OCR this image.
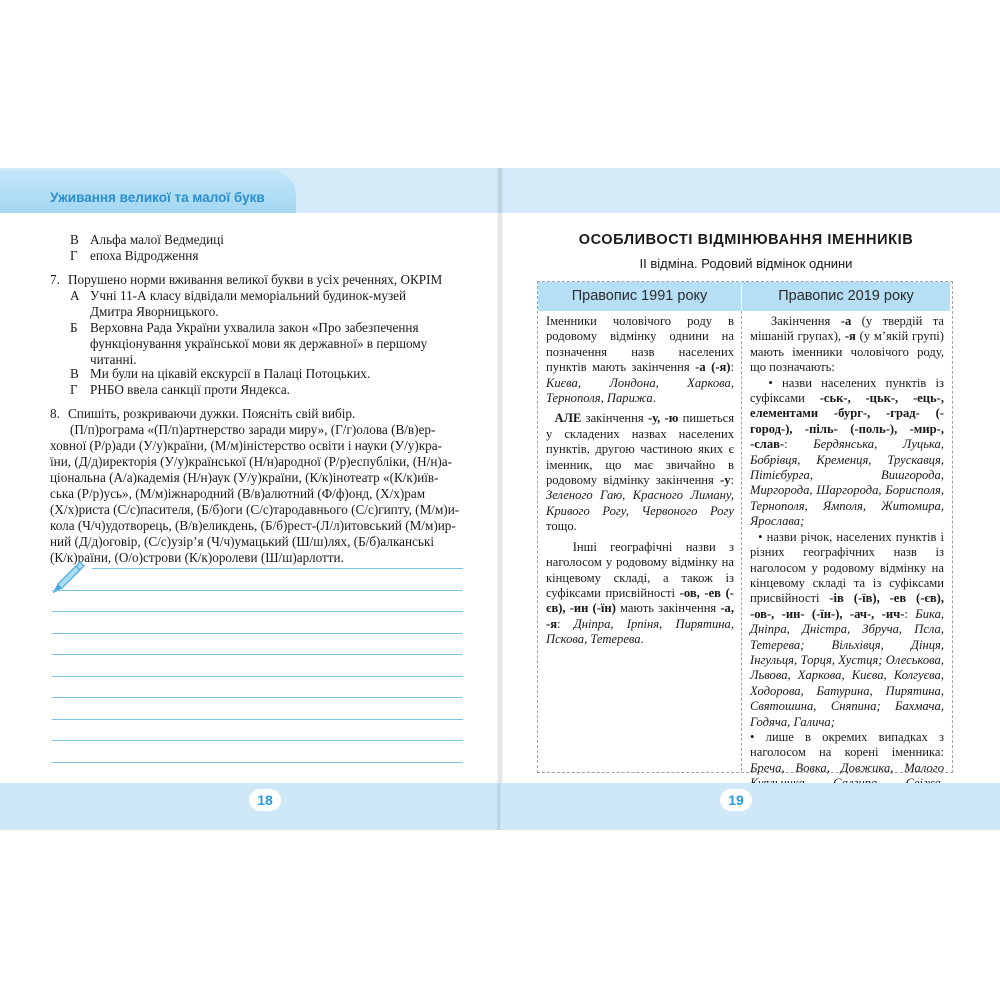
Уживання великої та малої букв
В Альфа малої Ведмедиці
Г епоха Відродження
7. Порушено норми вживання великої букви в усіх реченнях, ОКРІМ
А Учні 11-А класу відвідали меморіальний будинок-музей
Дмитра Яворницького.
Б Верховна Рада України ухвалила закон «Про забезпечення
функціонування української мови як державної» в першому
читанні.
В Ми були на цікавій екскурсії в Палаці Потоцьких.
Г РНБО ввела санкції проти Яндекса.
8. Спишіть, розкриваючи дужки. Поясніть свій вибір.
(П/п)рограма «(П/п)артнерство заради миру», (Г/г)олова (В/в)ер-
ховної (Р/р)ади (У/у)країни, (М/м)іністерство освіти і науки (У/у)кра-
їни, (Д/д)иректорія (У/у)країнської (Н/н)ародної (Р/р)еспубліки, (Н/н)а-
ціональна (А/а)кадемія (Н/н)аук (У/у)країни, (К/к)інотеатр «(К/к)иїв-
ська (Р/р)усь», (М/м)іжнародний (В/в)алютний (Ф/ф)онд, (Х/х)рам
(Х/х)риста (С/с)пасителя, (Б/б)оги (С/с)тародавнього (С/с)гипту, (М/м)и-
кола (Ч/ч)удотворець, (В/в)еликдень, (Б/б)рест-(Л/л)итовський (М/м)ир-
ний (Д/д)оговір, (С/с)узір’я (Ч/ч)умацький (Ш/ш)лях, (Б/б)алканські
(К/к)раїни, (О/о)строви (К/к)оролеви (Ш/ш)арлотти.
18
ОСОБЛИВОСТІ ВІДМІНЮВАННЯ ІМЕННИКІВ
ІІ відміна. Родовий відмінок однини
Правопис 1991 року	Правопис 2019 року

Іменники чоловічого роду в родовому відмінку однини на позначення назв населених пунктів мають закінчення -а (-я): Києва, Лондона, Харкова, Тернополя, Парижа.

АЛЕ закінчення -у, -ю пишеться у складених назвах населених пунктів, другою частиною яких є іменник, що має звичайно в родовому відмінку закінчення -у: Зеленого Гаю, Красного Лиману, Кривого Рогу, Червоного Рогу тощо.

Інші географічні назви з наголосом у родовому відмінку на кінцевому складі, а також із суфіксами присвійності -ов, -ев (-єв), -ин (-їн) мають закінчення -а, -я: Дніпра, Ірпіня, Пирятина, Пскова, Тетерева.

Закінчення -а (у твердій та мішаній групах), -я (у м’якій групі) мають іменники чоловічого роду, що позначають:

• назви населених пунктів із суфіксами -ськ-, -цьк-, -ець-, елементами -бург-, -град- (-город-), -піль- (-поль-), -мир-, -слав-: Бердянська, Луцька, Бобрівця, Кременця, Трускавця, Пітієбурга, Вишгорода, Миргорода, Шаргорода, Борисполя, Тернополя, Ямполя, Житомира, Ярослава;

• назви річок, населених пунктів і різних географічних назв із наголосом у родовому відмінку на кінцевому складі та із суфіксами присвійності -ів (-їв), -ев (-єв), -ов-, -ин- (-їн-), -ач-, -ич-: Бика, Дніпра, Дністра, Збруча, Псла, Тетерева; Вільхівця, Дінця, Інгульця, Торця, Хустця; Олеськова, Львова, Харкова, Києва, Колгуєва, Ходорова, Батурина, Пирятина, Святошина, Сняпина; Бахмача, Годяча, Галича;

• лише в окремих випадках з наголосом на корені іменника: Бреча, Вовка, Довжика, Малого

19
